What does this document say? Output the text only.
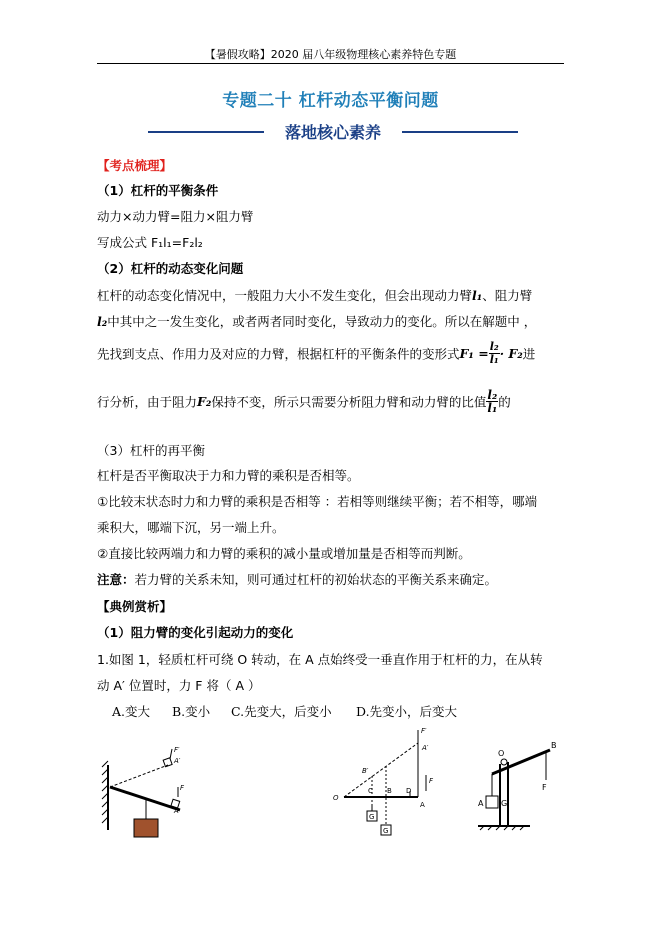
【暑假攻略】2020 届八年级物理核心素养特色专题
专题二十 杠杆动态平衡问题
落地核心素养
【考点梳理】
（1）杠杆的平衡条件
动力×动力臂=阻力×阻力臂
写成公式 F₁l₁=F₂l₂
（2）杠杆的动态变化问题
杠杆的动态变化情况中，一般阻力大小不发生变化，但会出现动力臂l₁、阻力臂
l₂中其中之一发生变化，或者两者同时变化，导致动力的变化。所以在解题中 ，
先找到支点、作用力及对应的力臂，根据杠杆的平衡条件的变形式$F_1 = \frac{\text{l₂}}{\text{l₁}} \cdot F_2$进
行分析，由于阻力F₂保持不变，所示只需要分析阻力臂和动力臂的比值 $\frac{\text{l₂}}{\text{l₁}}$ 的
（3）杠杆的再平衡
杠杆是否平衡取决于力和力臂的乘积是否相等。
①比较末状态时力和力臂的乘积是否相等 ：若相等则继续平衡；若不相等，哪端
乘积大，哪端下沉，另一端上升。
②直接比较两端力和力臂的乘积的减小量或增加量是否相等而判断。
注意：若力臂的关系未知，则可通过杠杆的初始状态的平衡关系来确定。
【典例赏析】
（1）阻力臂的变化引起动力的变化
1.如图 1，轻质杠杆可绕 O 转动，在 A 点始终受一垂直作用于杠杆的力，在从转
动 A′ 位置时，力 F 将（ A ）
A.变大 B.变小 C.先变大，后变小 D.先变小，后变大
F′
A′
F
A
O
B′
A′
F′
F
C B D
A
G
G
O
B
A G
F
